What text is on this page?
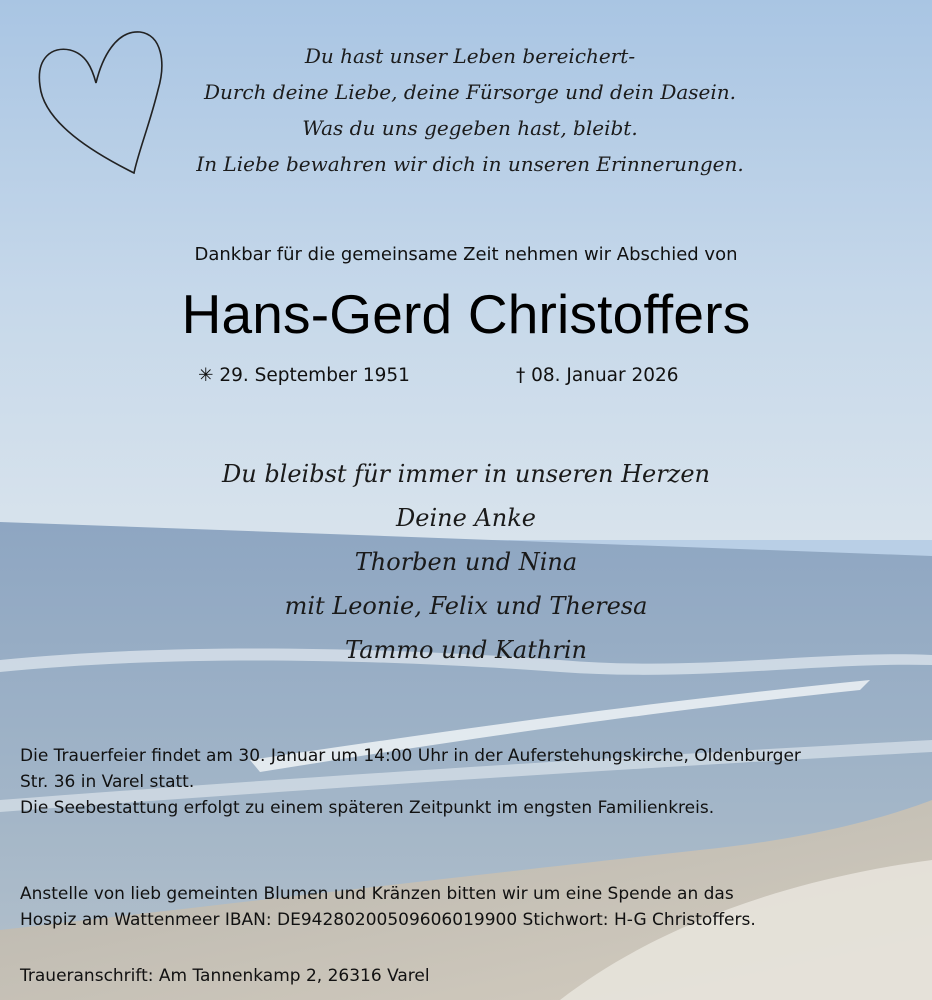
Du hast unser Leben bereichert-
Durch deine Liebe, deine Fürsorge und dein Dasein.
Was du uns gegeben hast, bleibt.
In Liebe bewahren wir dich in unseren Erinnerungen.
Dankbar für die gemeinsame Zeit nehmen wir Abschied von
Hans-Gerd Christoffers
✳ 29. September 1951	† 08. Januar 2026
Du bleibst für immer in unseren Herzen
Deine Anke
Thorben und Nina
mit Leonie, Felix und Theresa
Tammo und Kathrin
Die Trauerfeier findet am 30. Januar um 14:00 Uhr in der Auferstehungskirche, Oldenburger
Str. 36 in Varel statt.
Die Seebestattung erfolgt zu einem späteren Zeitpunkt im engsten Familienkreis.
Anstelle von lieb gemeinten Blumen und Kränzen bitten wir um eine Spende an das
Hospiz am Wattenmeer IBAN: DE94280200509606019900 Stichwort: H-G Christoffers.
Traueranschrift: Am Tannenkamp 2, 26316 Varel
